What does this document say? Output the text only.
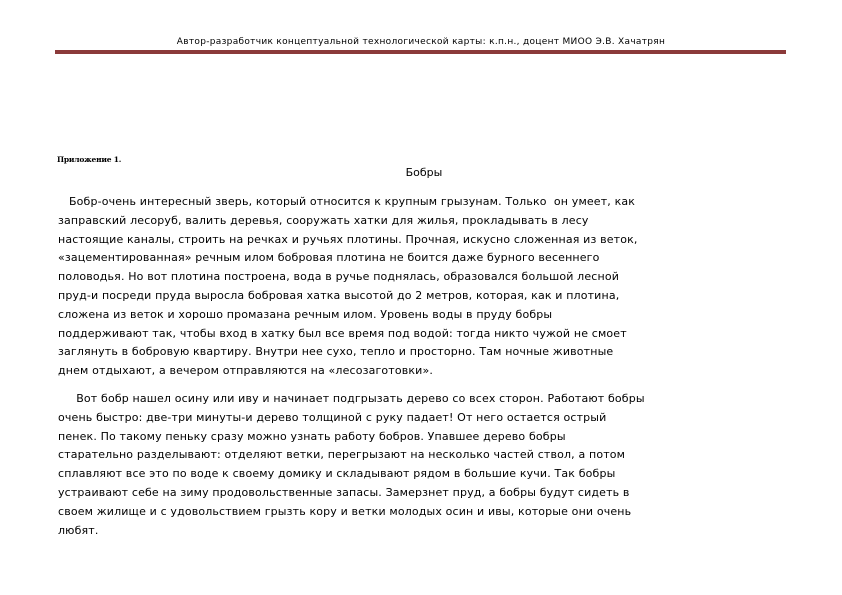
Автор-разработчик концептуальной технологической карты: к.п.н., доцент МИОО Э.В. Хачатрян
Приложение 1.
Бобры
Бобр-очень интересный зверь, который относится к крупным грызунам. Только  он умеет, как
заправский лесоруб, валить деревья, сооружать хатки для жилья, прокладывать в лесу
настоящие каналы, строить на речках и ручьях плотины. Прочная, искусно сложенная из веток,
«зацементированная» речным илом бобровая плотина не боится даже бурного весеннего
половодья. Но вот плотина построена, вода в ручье поднялась, образовался большой лесной
пруд-и посреди пруда выросла бобровая хатка высотой до 2 метров, которая, как и плотина,
сложена из веток и хорошо промазана речным илом. Уровень воды в пруду бобры
поддерживают так, чтобы вход в хатку был все время под водой: тогда никто чужой не смоет
заглянуть в бобровую квартиру. Внутри нее сухо, тепло и просторно. Там ночные животные
днем отдыхают, а вечером отправляются на «лесозаготовки».
Вот бобр нашел осину или иву и начинает подгрызать дерево со всех сторон. Работают бобры
очень быстро: две-три минуты-и дерево толщиной с руку падает! От него остается острый
пенек. По такому пеньку сразу можно узнать работу бобров. Упавшее дерево бобры
старательно разделывают: отделяют ветки, перегрызают на несколько частей ствол, а потом
сплавляют все это по воде к своему домику и складывают рядом в большие кучи. Так бобры
устраивают себе на зиму продовольственные запасы. Замерзнет пруд, а бобры будут сидеть в
своем жилище и с удовольствием грызть кору и ветки молодых осин и ивы, которые они очень
любят.
